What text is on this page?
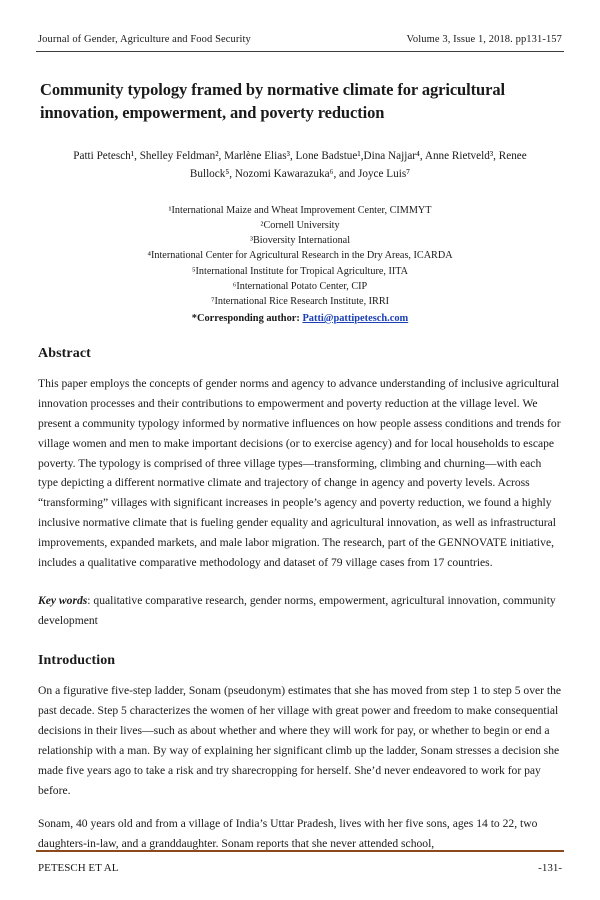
Journal of Gender, Agriculture and Food Security	Volume 3, Issue 1, 2018. pp131-157
Community typology framed by normative climate for agricultural innovation, empowerment, and poverty reduction
Patti Petesch¹, Shelley Feldman², Marlène Elias³, Lone Badstue¹,Dina Najjar⁴, Anne Rietveld³, Renee
Bullock⁵, Nozomi Kawarazuka⁶, and Joyce Luis⁷
¹International Maize and Wheat Improvement Center, CIMMYT
²Cornell University
³Bioversity International
⁴International Center for Agricultural Research in the Dry Areas, ICARDA
⁵International Institute for Tropical Agriculture, IITA
⁶International Potato Center, CIP
⁷International Rice Research Institute, IRRI
*Corresponding author: Patti@pattipetesch.com
Abstract

This paper employs the concepts of gender norms and agency to advance understanding of inclusive agricultural innovation processes and their contributions to empowerment and poverty reduction at the village level. We present a community typology informed by normative influences on how people assess conditions and trends for village women and men to make important decisions (or to exercise agency) and for local households to escape poverty. The typology is comprised of three village types—transforming, climbing and churning—with each type depicting a different normative climate and trajectory of change in agency and poverty levels. Across “transforming” villages with significant increases in people’s agency and poverty reduction, we found a highly inclusive normative climate that is fueling gender equality and agricultural innovation, as well as infrastructural improvements, expanded markets, and male labor migration. The research, part of the GENNOVATE initiative, includes a qualitative comparative methodology and dataset of 79 village cases from 17 countries.

Key words: qualitative comparative research, gender norms, empowerment, agricultural innovation, community development
Introduction

On a figurative five-step ladder, Sonam (pseudonym) estimates that she has moved from step 1 to step 5 over the past decade. Step 5 characterizes the women of her village with great power and freedom to make consequential decisions in their lives—such as about whether and where they will work for pay, or whether to begin or end a relationship with a man. By way of explaining her significant climb up the ladder, Sonam stresses a decision she made five years ago to take a risk and try sharecropping for herself. She’d never endeavored to work for pay before.

Sonam, 40 years old and from a village of India’s Uttar Pradesh, lives with her five sons, ages 14 to 22, two daughters-in-law, and a granddaughter. Sonam reports that she never attended school,

PETESCH ET AL	-131-
